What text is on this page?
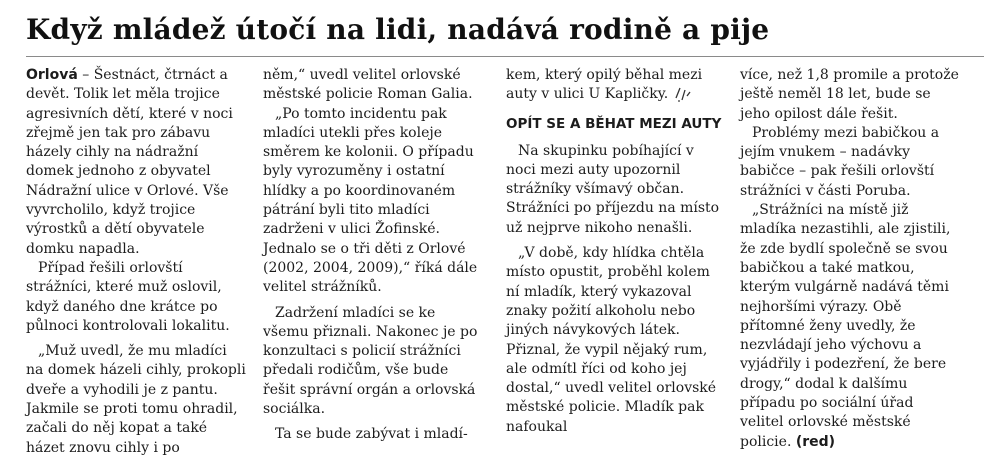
Když mládež útočí na lidi, nadává rodině a pije

Orlová – Šestnáct, čtrnáct a devět. Tolik let měla trojice agresivních dětí, které v noci zřejmě jen tak pro zábavu házely cihly na nádražní domek jednoho z obyvatel Nádražní ulice v Orlové. Vše vyvrcholilo, když trojice výrostků a dětí obyvatele domku napadla.

Případ řešili orlovští strážníci, které muž oslovil, když daného dne krátce po půlnoci kontrolovali lokalitu.

„Muž uvedl, že mu mladíci na domek házeli cihly, prokopli dveře a vyhodili je z pantu. Jakmile se proti tomu ohradil, začali do něj kopat a také házet znovu cihly i po

něm,“ uvedl velitel orlovské městské policie Roman Galia.

„Po tomto incidentu pak mladíci utekli přes koleje směrem ke kolonii. O případu byly vyrozuměny i ostatní hlídky a po koordinovaném pátrání byli tito mladíci zadrženi v ulici Žofinské. Jednalo se o tři děti z Orlové (2002, 2004, 2009),“ říká dále velitel strážníků.

Zadržení mladíci se ke všemu přiznali. Nakonec je po konzultaci s policií strážníci předali rodičům, vše bude řešit správní orgán a orlovská sociálka.

Ta se bude zabývat i mladí-

kem, který opilý běhal mezi auty v ulici U Kapličky.

OPÍT SE A BĚHAT MEZI AUTY

Na skupinku pobíhající v noci mezi auty upozornil strážníky všímavý občan. Strážníci po příjezdu na místo už nejprve nikoho nenašli.

„V době, kdy hlídka chtěla místo opustit, proběhl kolem ní mladík, který vykazoval znaky požití alkoholu nebo jiných návykových látek. Přiznal, že vypil nějaký rum, ale odmítl říci od koho jej dostal,“ uvedl velitel orlovské městské policie. Mladík pak nafoukal

více, než 1,8 promile a protože ještě neměl 18 let, bude se jeho opilost dále řešit.

Problémy mezi babičkou a jejím vnukem – nadávky babičce – pak řešili orlovští strážníci v části Poruba.

„Strážníci na místě již mladíka nezastihli, ale zjistili, že zde bydlí společně se svou babičkou a také matkou, kterým vulgárně nadává těmi nejhoršími výrazy. Obě přítomné ženy uvedly, že nezvládají jeho výchovu a vyjádřily i podezření, že bere drogy,“ dodal k dalšímu případu po sociální úřad velitel orlovské městské policie. (red)
